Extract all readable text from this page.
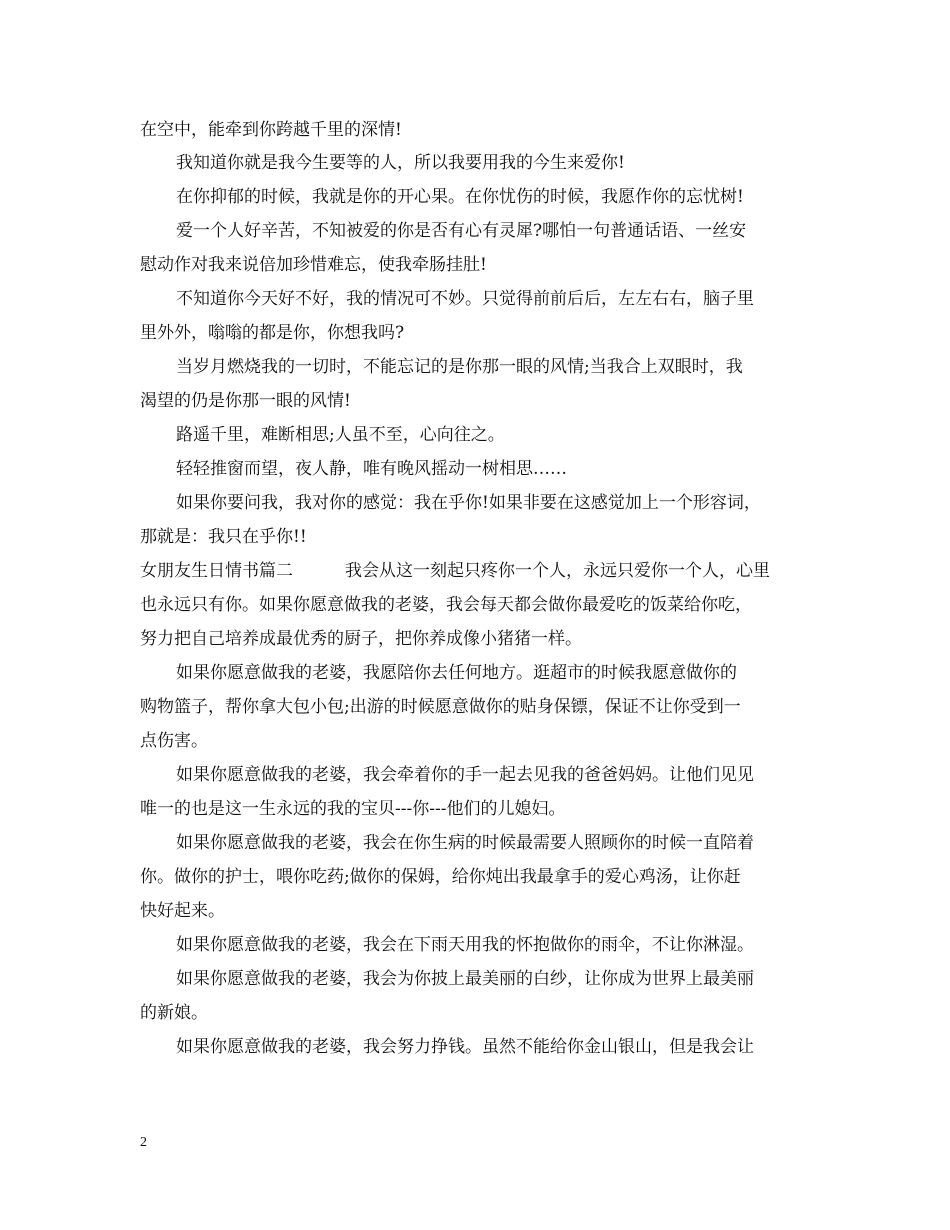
在空中，能牵到你跨越千里的深情!
我知道你就是我今生要等的人，所以我要用我的今生来爱你!
在你抑郁的时候，我就是你的开心果。在你忧伤的时候，我愿作你的忘忧树!
爱一个人好辛苦，不知被爱的你是否有心有灵犀?哪怕一句普通话语、一丝安
慰动作对我来说倍加珍惜难忘，使我牵肠挂肚!
不知道你今天好不好，我的情况可不妙。只觉得前前后后，左左右右，脑子里
里外外，嗡嗡的都是你，你想我吗?
当岁月燃烧我的一切时，不能忘记的是你那一眼的风情;当我合上双眼时，我
渴望的仍是你那一眼的风情!
路遥千里，难断相思;人虽不至，心向往之。
轻轻推窗而望，夜人静，唯有晚风摇动一树相思……
如果你要问我，我对你的感觉：我在乎你!如果非要在这感觉加上一个形容词，
那就是：我只在乎你!!
女朋友生日情书篇二	我会从这一刻起只疼你一个人，永远只爱你一个人，心里
也永远只有你。如果你愿意做我的老婆，我会每天都会做你最爱吃的饭菜给你吃，
努力把自己培养成最优秀的厨子，把你养成像小猪猪一样。
如果你愿意做我的老婆，我愿陪你去任何地方。逛超市的时候我愿意做你的
购物篮子，帮你拿大包小包;出游的时候愿意做你的贴身保镖，保证不让你受到一
点伤害。
如果你愿意做我的老婆，我会牵着你的手一起去见我的爸爸妈妈。让他们见见
唯一的也是这一生永远的我的宝贝---你---他们的儿媳妇。
如果你愿意做我的老婆，我会在你生病的时候最需要人照顾你的时候一直陪着
你。做你的护士，喂你吃药;做你的保姆，给你炖出我最拿手的爱心鸡汤，让你赶
快好起来。
如果你愿意做我的老婆，我会在下雨天用我的怀抱做你的雨伞，不让你淋湿。
如果你愿意做我的老婆，我会为你披上最美丽的白纱，让你成为世界上最美丽
的新娘。
如果你愿意做我的老婆，我会努力挣钱。虽然不能给你金山银山，但是我会让
2
